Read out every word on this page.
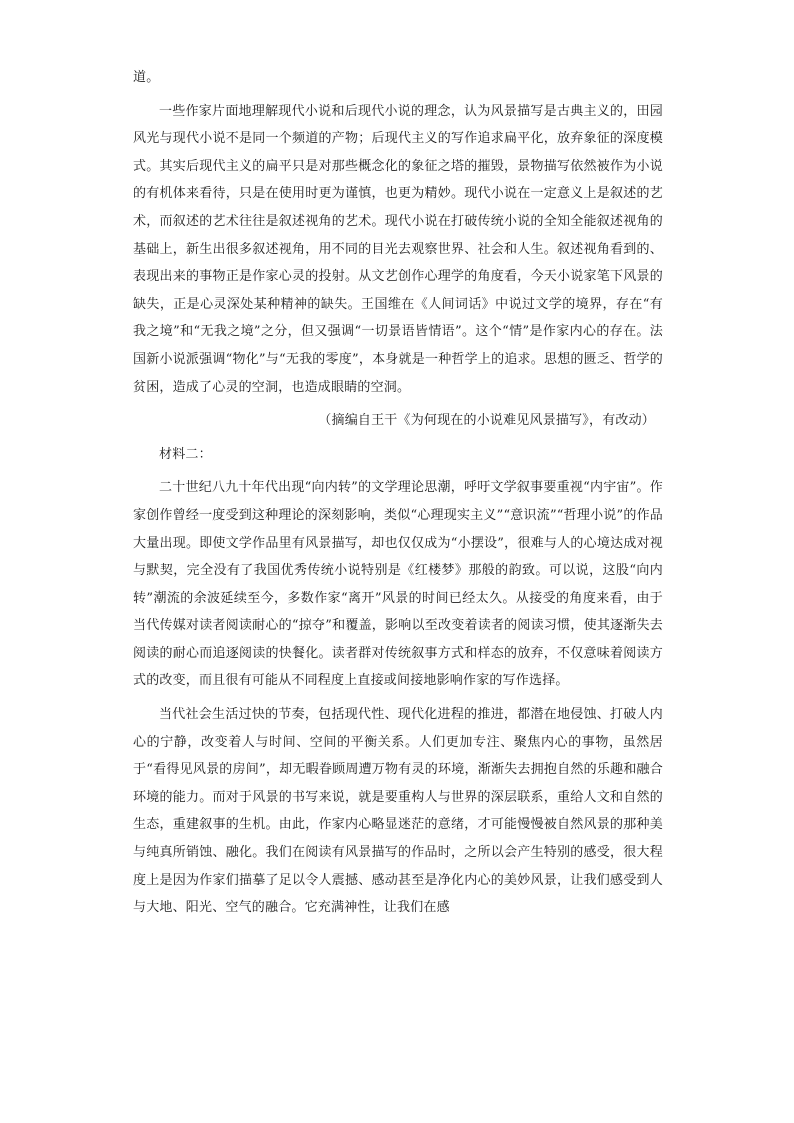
道。

一些作家片面地理解现代小说和后现代小说的理念，认为风景描写是古典主义的，田园风光与现代小说不是同一个频道的产物；后现代主义的写作追求扁平化，放弃象征的深度模式。其实后现代主义的扁平只是对那些概念化的象征之塔的摧毁，景物描写依然被作为小说的有机体来看待，只是在使用时更为谨慎，也更为精妙。现代小说在一定意义上是叙述的艺术，而叙述的艺术往往是叙述视角的艺术。现代小说在打破传统小说的全知全能叙述视角的基础上，新生出很多叙述视角，用不同的目光去观察世界、社会和人生。叙述视角看到的、表现出来的事物正是作家心灵的投射。从文艺创作心理学的角度看，今天小说家笔下风景的缺失，正是心灵深处某种精神的缺失。王国维在《人间词话》中说过文学的境界，存在“有我之境”和“无我之境”之分，但又强调“一切景语皆情语”。这个“情”是作家内心的存在。法国新小说派强调“物化”与“无我的零度”，本身就是一种哲学上的追求。思想的匮乏、哲学的贫困，造成了心灵的空洞，也造成眼睛的空洞。

（摘编自王干《为何现在的小说难见风景描写》，有改动）

材料二：

二十世纪八九十年代出现“向内转”的文学理论思潮，呼吁文学叙事要重视“内宇宙”。作家创作曾经一度受到这种理论的深刻影响，类似“心理现实主义”“意识流”“哲理小说”的作品大量出现。即使文学作品里有风景描写，却也仅仅成为“小摆设”，很难与人的心境达成对视与默契，完全没有了我国优秀传统小说特别是《红楼梦》那般的韵致。可以说，这股“向内转”潮流的余波延续至今，多数作家“离开”风景的时间已经太久。从接受的角度来看，由于当代传媒对读者阅读耐心的“掠夺”和覆盖，影响以至改变着读者的阅读习惯，使其逐渐失去阅读的耐心而追逐阅读的快餐化。读者群对传统叙事方式和样态的放弃，不仅意味着阅读方式的改变，而且很有可能从不同程度上直接或间接地影响作家的写作选择。

当代社会生活过快的节奏，包括现代性、现代化进程的推进，都潜在地侵蚀、打破人内心的宁静，改变着人与时间、空间的平衡关系。人们更加专注、聚焦内心的事物，虽然居于“看得见风景的房间”，却无暇眷顾周遭万物有灵的环境，渐渐失去拥抱自然的乐趣和融合环境的能力。而对于风景的书写来说，就是要重构人与世界的深层联系，重给人文和自然的生态，重建叙事的生机。由此，作家内心略显迷茫的意绪，才可能慢慢被自然风景的那种美与纯真所销蚀、融化。我们在阅读有风景描写的作品时，之所以会产生特别的感受，很大程度上是因为作家们描摹了足以令人震撼、感动甚至是净化内心的美妙风景，让我们感受到人与大地、阳光、空气的融合。它充满神性，让我们在感
